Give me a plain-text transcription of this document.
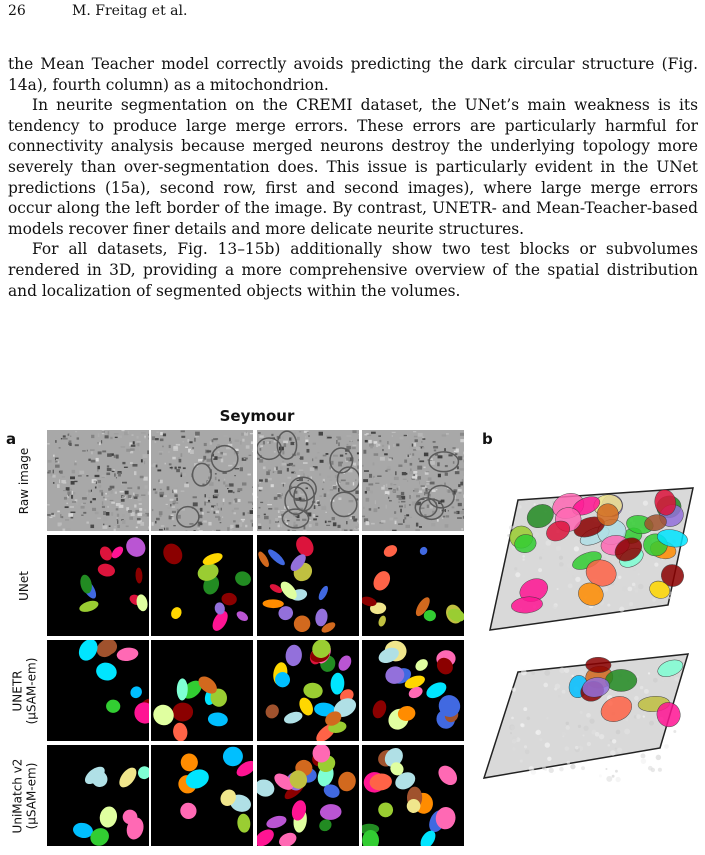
26	M. Freitag et al.

the Mean Teacher model correctly avoids predicting the dark circular structure (Fig. 14a), fourth column) as a mitochondrion.

In neurite segmentation on the CREMI dataset, the UNet’s main weakness is its tendency to produce large merge errors. These errors are particularly harmful for connectivity analysis because merged neurons destroy the underlying topology more severely than over-segmentation does. This issue is particularly evident in the UNet predictions (15a), second row, first and second images), where large merge errors occur along the left border of the image. By contrast, UNETR- and Mean-Teacher-based models recover finer details and more delicate neurite structures.

For all datasets, Fig. 13–15b) additionally show two test blocks or subvolumes rendered in 3D, providing a more comprehensive overview of the spatial distribution and localization of segmented objects within the volumes.

Seymour
a	b
Raw image
UNet
UNETR
(µSAM-em)
UniMatch v2
(µSAM-em)
